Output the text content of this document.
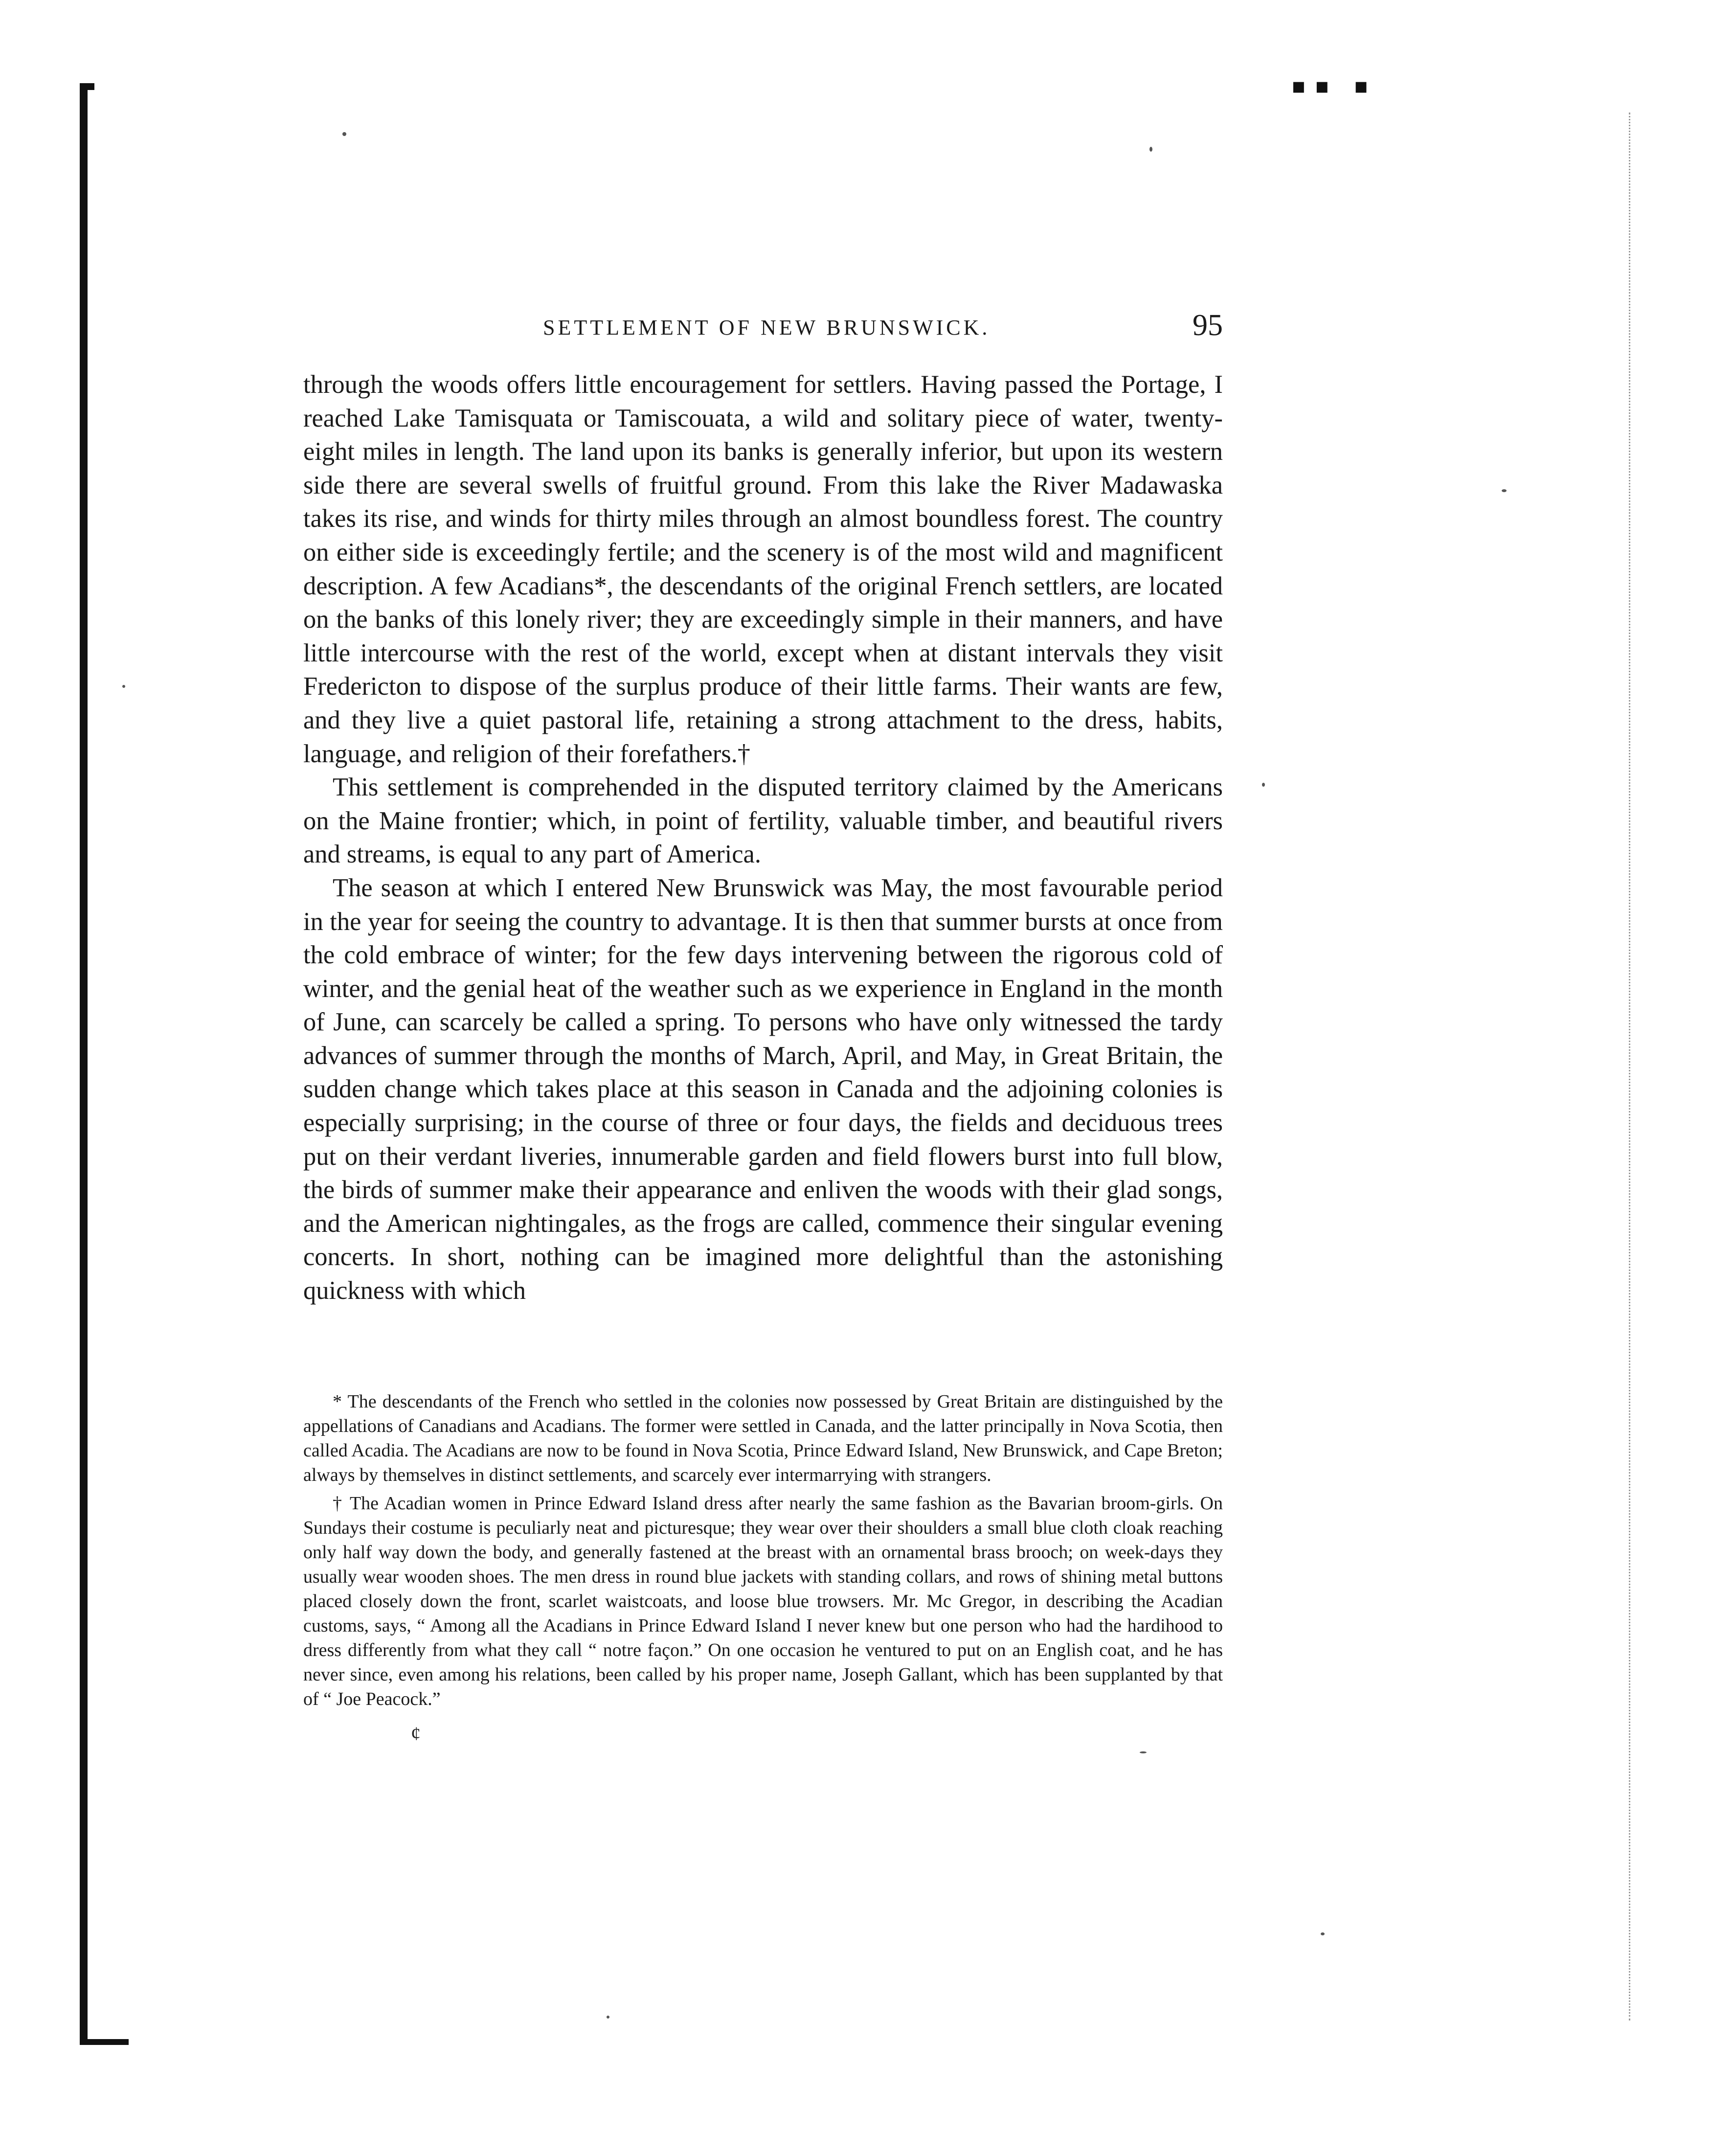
▪▪ ▪
SETTLEMENT OF NEW BRUNSWICK.	95

through the woods offers little encouragement for settlers. Having passed the Portage, I reached Lake Tamisquata or Tamiscouata, a wild and solitary piece of water, twenty-eight miles in length. The land upon its banks is generally inferior, but upon its western side there are several swells of fruitful ground. From this lake the River Madawaska takes its rise, and winds for thirty miles through an almost boundless forest. The country on either side is exceedingly fertile; and the scenery is of the most wild and magnificent description. A few Acadians*, the descendants of the original French settlers, are located on the banks of this lonely river; they are exceedingly simple in their manners, and have little intercourse with the rest of the world, except when at distant intervals they visit Fredericton to dispose of the surplus produce of their little farms. Their wants are few, and they live a quiet pastoral life, retaining a strong attachment to the dress, habits, language, and religion of their forefathers.†

This settlement is comprehended in the disputed territory claimed by the Americans on the Maine frontier; which, in point of fertility, valuable timber, and beautiful rivers and streams, is equal to any part of America.

The season at which I entered New Brunswick was May, the most favourable period in the year for seeing the country to advantage. It is then that summer bursts at once from the cold embrace of winter; for the few days intervening between the rigorous cold of winter, and the genial heat of the weather such as we experience in England in the month of June, can scarcely be called a spring. To persons who have only witnessed the tardy advances of summer through the months of March, April, and May, in Great Britain, the sudden change which takes place at this season in Canada and the adjoining colonies is especially surprising; in the course of three or four days, the fields and deciduous trees put on their verdant liveries, innumerable garden and field flowers burst into full blow, the birds of summer make their appearance and enliven the woods with their glad songs, and the American nightingales, as the frogs are called, commence their singular evening concerts. In short, nothing can be imagined more delightful than the astonishing quickness with which

* The descendants of the French who settled in the colonies now possessed by Great Britain are distinguished by the appellations of Canadians and Acadians. The former were settled in Canada, and the latter principally in Nova Scotia, then called Acadia. The Acadians are now to be found in Nova Scotia, Prince Edward Island, New Brunswick, and Cape Breton; always by themselves in distinct settlements, and scarcely ever intermarrying with strangers.

† The Acadian women in Prince Edward Island dress after nearly the same fashion as the Bavarian broom-girls. On Sundays their costume is peculiarly neat and picturesque; they wear over their shoulders a small blue cloth cloak reaching only half way down the body, and generally fastened at the breast with an ornamental brass brooch; on week-days they usually wear wooden shoes. The men dress in round blue jackets with standing collars, and rows of shining metal buttons placed closely down the front, scarlet waistcoats, and loose blue trowsers. Mr. Mc Gregor, in describing the Acadian customs, says, “ Among all the Acadians in Prince Edward Island I never knew but one person who had the hardihood to dress differently from what they call “ notre façon.” On one occasion he ventured to put on an English coat, and he has never since, even among his relations, been called by his proper name, Joseph Gallant, which has been supplanted by that of “ Joe Peacock.”

¢
